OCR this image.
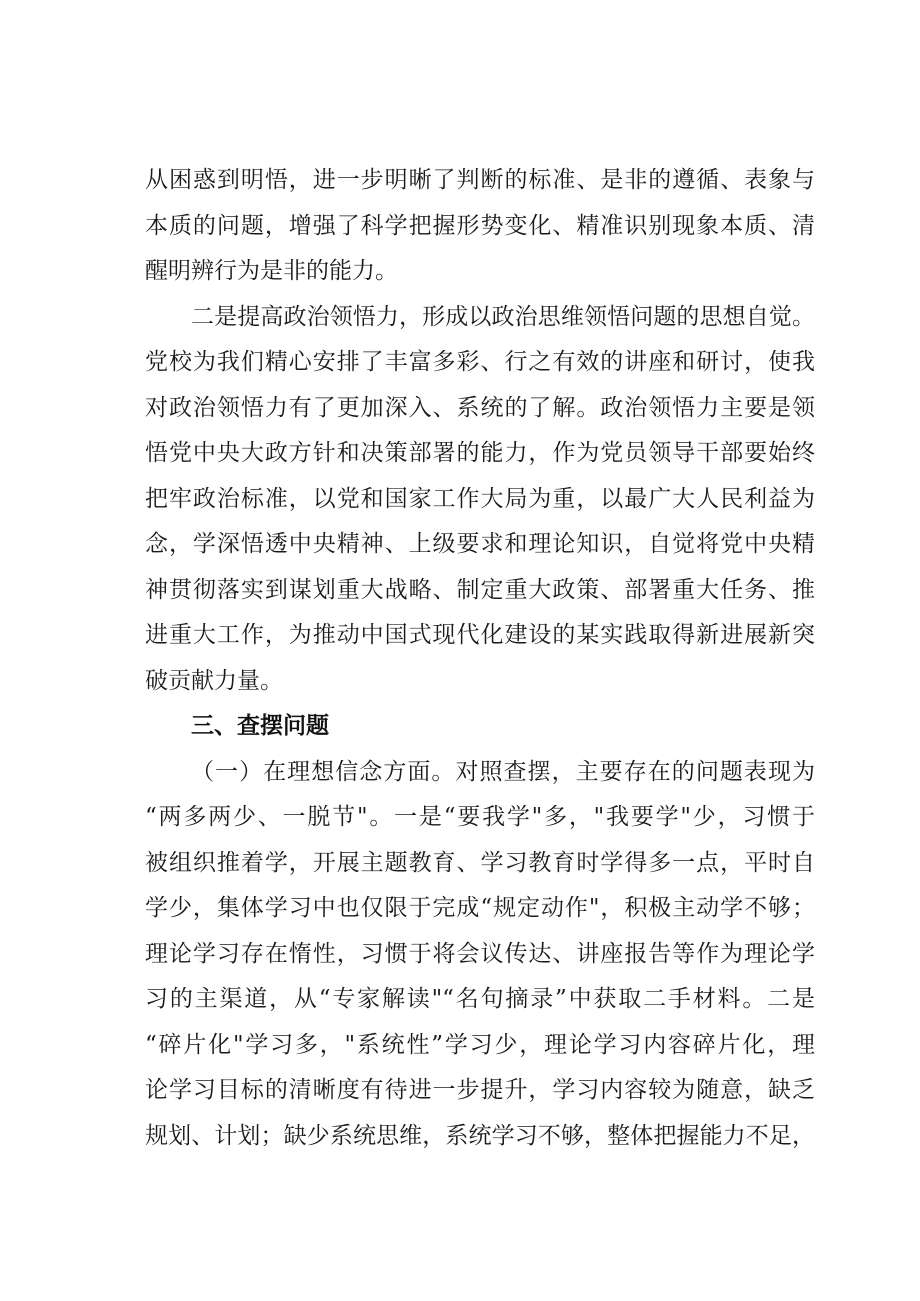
从困惑到明悟，进一步明晰了判断的标准、是非的遵循、表象与
本质的问题，增强了科学把握形势变化、精准识别现象本质、清
醒明辨行为是非的能力。
二是提高政治领悟力，形成以政治思维领悟问题的思想自觉。
党校为我们精心安排了丰富多彩、行之有效的讲座和研讨，使我
对政治领悟力有了更加深入、系统的了解。政治领悟力主要是领
悟党中央大政方针和决策部署的能力，作为党员领导干部要始终
把牢政治标准，以党和国家工作大局为重，以最广大人民利益为
念，学深悟透中央精神、上级要求和理论知识，自觉将党中央精
神贯彻落实到谋划重大战略、制定重大政策、部署重大任务、推
进重大工作，为推动中国式现代化建设的某实践取得新进展新突
破贡献力量。
三、查摆问题
（一）在理想信念方面。对照查摆，主要存在的问题表现为
“两多两少、一脱节"。一是“要我学"多，"我要学"少，习惯于
被组织推着学，开展主题教育、学习教育时学得多一点，平时自
学少，集体学习中也仅限于完成“规定动作"，积极主动学不够；
理论学习存在惰性，习惯于将会议传达、讲座报告等作为理论学
习的主渠道，从“专家解读"“名句摘录”中获取二手材料。二是
“碎片化"学习多，"系统性”学习少，理论学习内容碎片化，理
论学习目标的清晰度有待进一步提升，学习内容较为随意，缺乏
规划、计划；缺少系统思维，系统学习不够，整体把握能力不足，
